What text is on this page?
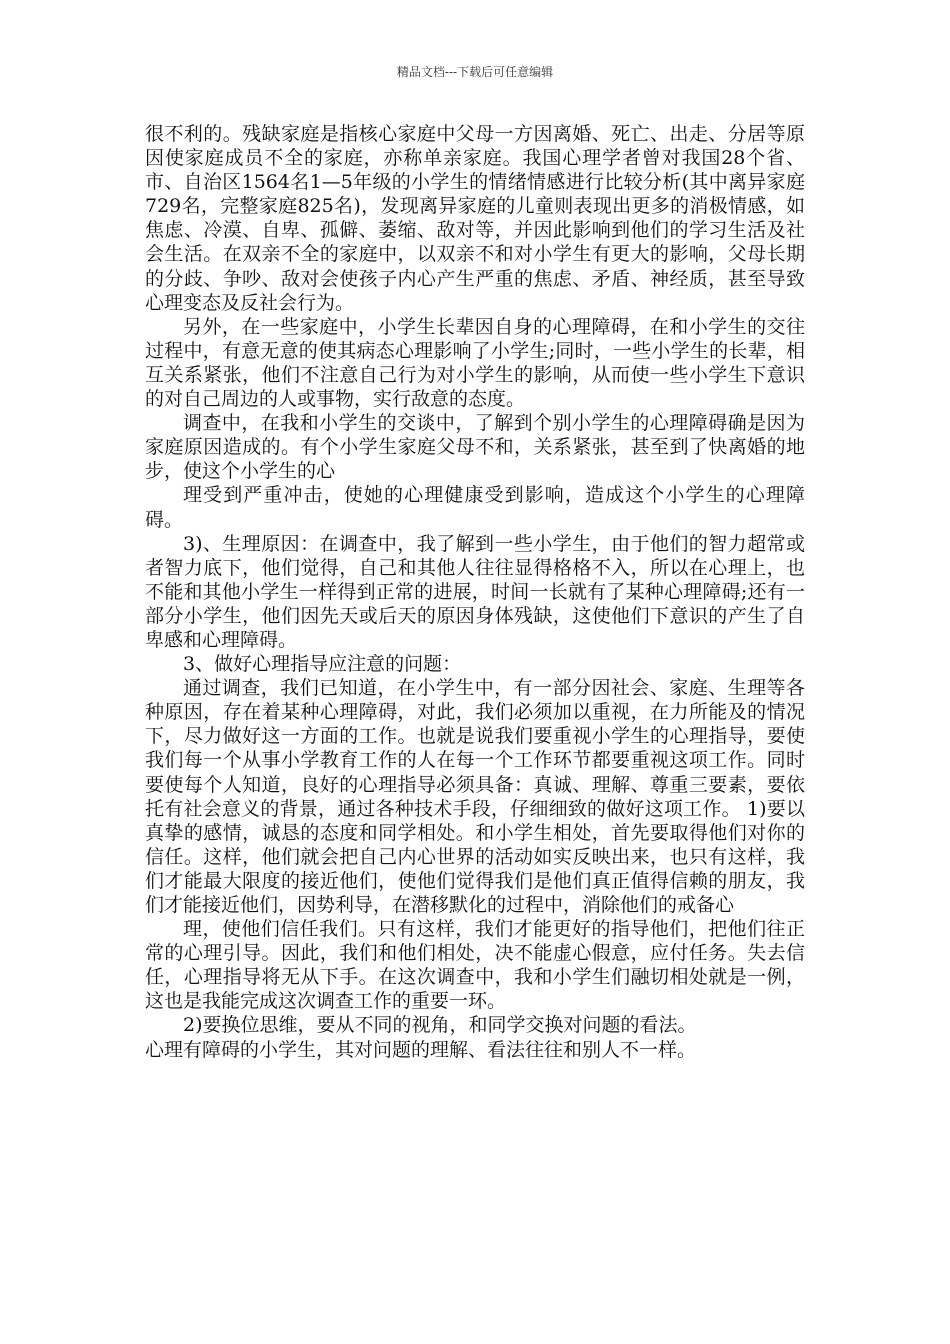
精品文档---下载后可任意编辑

很不利的。残缺家庭是指核心家庭中父母一方因离婚、死亡、出走、分居等原因使家庭成员不全的家庭，亦称单亲家庭。我国心理学者曾对我国28个省、市、自治区1564名1—5年级的小学生的情绪情感进行比较分析(其中离异家庭729名，完整家庭825名)，发现离异家庭的儿童则表现出更多的消极情感，如焦虑、冷漠、自卑、孤僻、萎缩、敌对等，并因此影响到他们的学习生活及社会生活。在双亲不全的家庭中，以双亲不和对小学生有更大的影响，父母长期的分歧、争吵、敌对会使孩子内心产生严重的焦虑、矛盾、神经质，甚至导致心理变态及反社会行为。

另外，在一些家庭中，小学生长辈因自身的心理障碍，在和小学生的交往过程中，有意无意的使其病态心理影响了小学生;同时，一些小学生的长辈，相互关系紧张，他们不注意自己行为对小学生的影响，从而使一些小学生下意识的对自己周边的人或事物，实行敌意的态度。

调查中，在我和小学生的交谈中，了解到个别小学生的心理障碍确是因为家庭原因造成的。有个小学生家庭父母不和，关系紧张，甚至到了快离婚的地步，使这个小学生的心

理受到严重冲击，使她的心理健康受到影响，造成这个小学生的心理障碍。

3)、生理原因：在调查中，我了解到一些小学生，由于他们的智力超常或者智力底下，他们觉得，自己和其他人往往显得格格不入，所以在心理上，也不能和其他小学生一样得到正常的进展，时间一长就有了某种心理障碍;还有一部分小学生，他们因先天或后天的原因身体残缺，这使他们下意识的产生了自卑感和心理障碍。

3、做好心理指导应注意的问题：

通过调查，我们已知道，在小学生中，有一部分因社会、家庭、生理等各种原因，存在着某种心理障碍，对此，我们必须加以重视，在力所能及的情况下，尽力做好这一方面的工作。也就是说我们要重视小学生的心理指导，要使我们每一个从事小学教育工作的人在每一个工作环节都要重视这项工作。同时要使每个人知道，良好的心理指导必须具备：真诚、理解、尊重三要素，要依托有社会意义的背景，通过各种技术手段，仔细细致的做好这项工作。 1)要以真挚的感情，诚恳的态度和同学相处。和小学生相处，首先要取得他们对你的信任。这样，他们就会把自己内心世界的活动如实反映出来，也只有这样，我们才能最大限度的接近他们，使他们觉得我们是他们真正值得信赖的朋友，我们才能接近他们，因势利导，在潜移默化的过程中，消除他们的戒备心

理，使他们信任我们。只有这样，我们才能更好的指导他们，把他们往正常的心理引导。因此，我们和他们相处，决不能虚心假意，应付任务。失去信任，心理指导将无从下手。在这次调查中，我和小学生们融切相处就是一例，这也是我能完成这次调查工作的重要一环。

2)要换位思维，要从不同的视角，和同学交换对问题的看法。

心理有障碍的小学生，其对问题的理解、看法往往和别人不一样。
